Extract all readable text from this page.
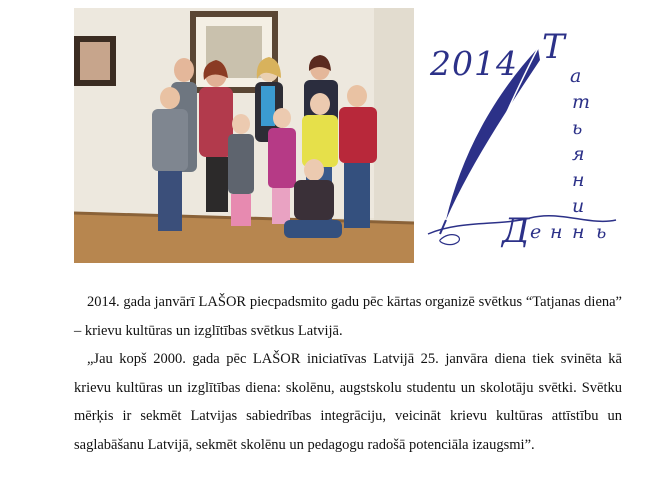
2014 Т
а
т
ь
я
н
и
н
Д е н ь

2014. gada janvārī LAŠOR piecpadsmito gadu pēc kārtas organizē svētkus “Tatjanas diena” – krievu kultūras un izglītības svētkus Latvijā.

„Jau kopš 2000. gada pēc LAŠOR iniciatīvas Latvijā 25. janvāra diena tiek svinēta kā krievu kultūras un izglītības diena: skolēnu, augstskolu studentu un skolotāju svētki. Svētku mērķis ir sekmēt Latvijas sabiedrības integrāciju, veicināt krievu kultūras attīstību un saglabāšanu Latvijā, sekmēt skolēnu un pedagogu radošā potenciāla izaugsmi”.
